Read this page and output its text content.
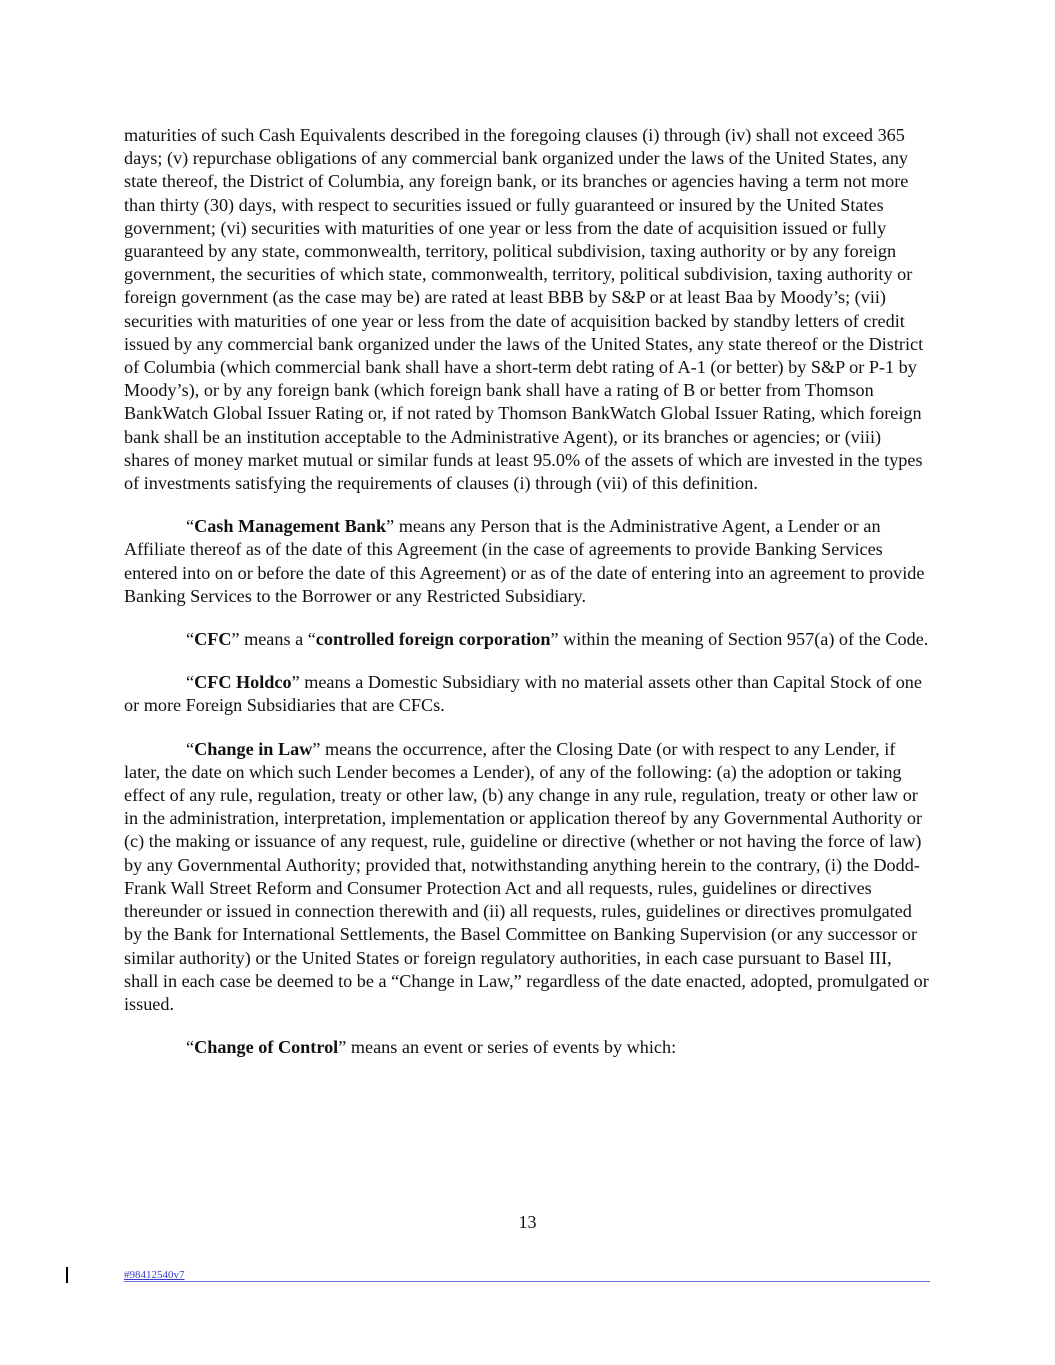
maturities of such Cash Equivalents described in the foregoing clauses (i) through (iv) shall not exceed 365 days; (v) repurchase obligations of any commercial bank organized under the laws of the United States, any state thereof, the District of Columbia, any foreign bank, or its branches or agencies having a term not more than thirty (30) days, with respect to securities issued or fully guaranteed or insured by the United States government; (vi) securities with maturities of one year or less from the date of acquisition issued or fully guaranteed by any state, commonwealth, territory, political subdivision, taxing authority or by any foreign government, the securities of which state, commonwealth, territory, political subdivision, taxing authority or foreign government (as the case may be) are rated at least BBB by S&P or at least Baa by Moody’s; (vii) securities with maturities of one year or less from the date of acquisition backed by standby letters of credit issued by any commercial bank organized under the laws of the United States, any state thereof or the District of Columbia (which commercial bank shall have a short-term debt rating of A-1 (or better) by S&P or P-1 by Moody’s), or by any foreign bank (which foreign bank shall have a rating of B or better from Thomson BankWatch Global Issuer Rating or, if not rated by Thomson BankWatch Global Issuer Rating, which foreign bank shall be an institution acceptable to the Administrative Agent), or its branches or agencies; or (viii) shares of money market mutual or similar funds at least 95.0% of the assets of which are invested in the types of investments satisfying the requirements of clauses (i) through (vii) of this definition.

“Cash Management Bank” means any Person that is the Administrative Agent, a Lender or an Affiliate thereof as of the date of this Agreement (in the case of agreements to provide Banking Services entered into on or before the date of this Agreement) or as of the date of entering into an agreement to provide Banking Services to the Borrower or any Restricted Subsidiary.

“CFC” means a “controlled foreign corporation” within the meaning of Section 957(a) of the Code.

“CFC Holdco” means a Domestic Subsidiary with no material assets other than Capital Stock of one or more Foreign Subsidiaries that are CFCs.

“Change in Law” means the occurrence, after the Closing Date (or with respect to any Lender, if later, the date on which such Lender becomes a Lender), of any of the following: (a) the adoption or taking effect of any rule, regulation, treaty or other law, (b) any change in any rule, regulation, treaty or other law or in the administration, interpretation, implementation or application thereof by any Governmental Authority or (c) the making or issuance of any request, rule, guideline or directive (whether or not having the force of law) by any Governmental Authority; provided that, notwithstanding anything herein to the contrary, (i) the Dodd-Frank Wall Street Reform and Consumer Protection Act and all requests, rules, guidelines or directives thereunder or issued in connection therewith and (ii) all requests, rules, guidelines or directives promulgated by the Bank for International Settlements, the Basel Committee on Banking Supervision (or any successor or similar authority) or the United States or foreign regulatory authorities, in each case pursuant to Basel III, shall in each case be deemed to be a “Change in Law,” regardless of the date enacted, adopted, promulgated or issued.

“Change of Control” means an event or series of events by which:

13
#98412540v7
